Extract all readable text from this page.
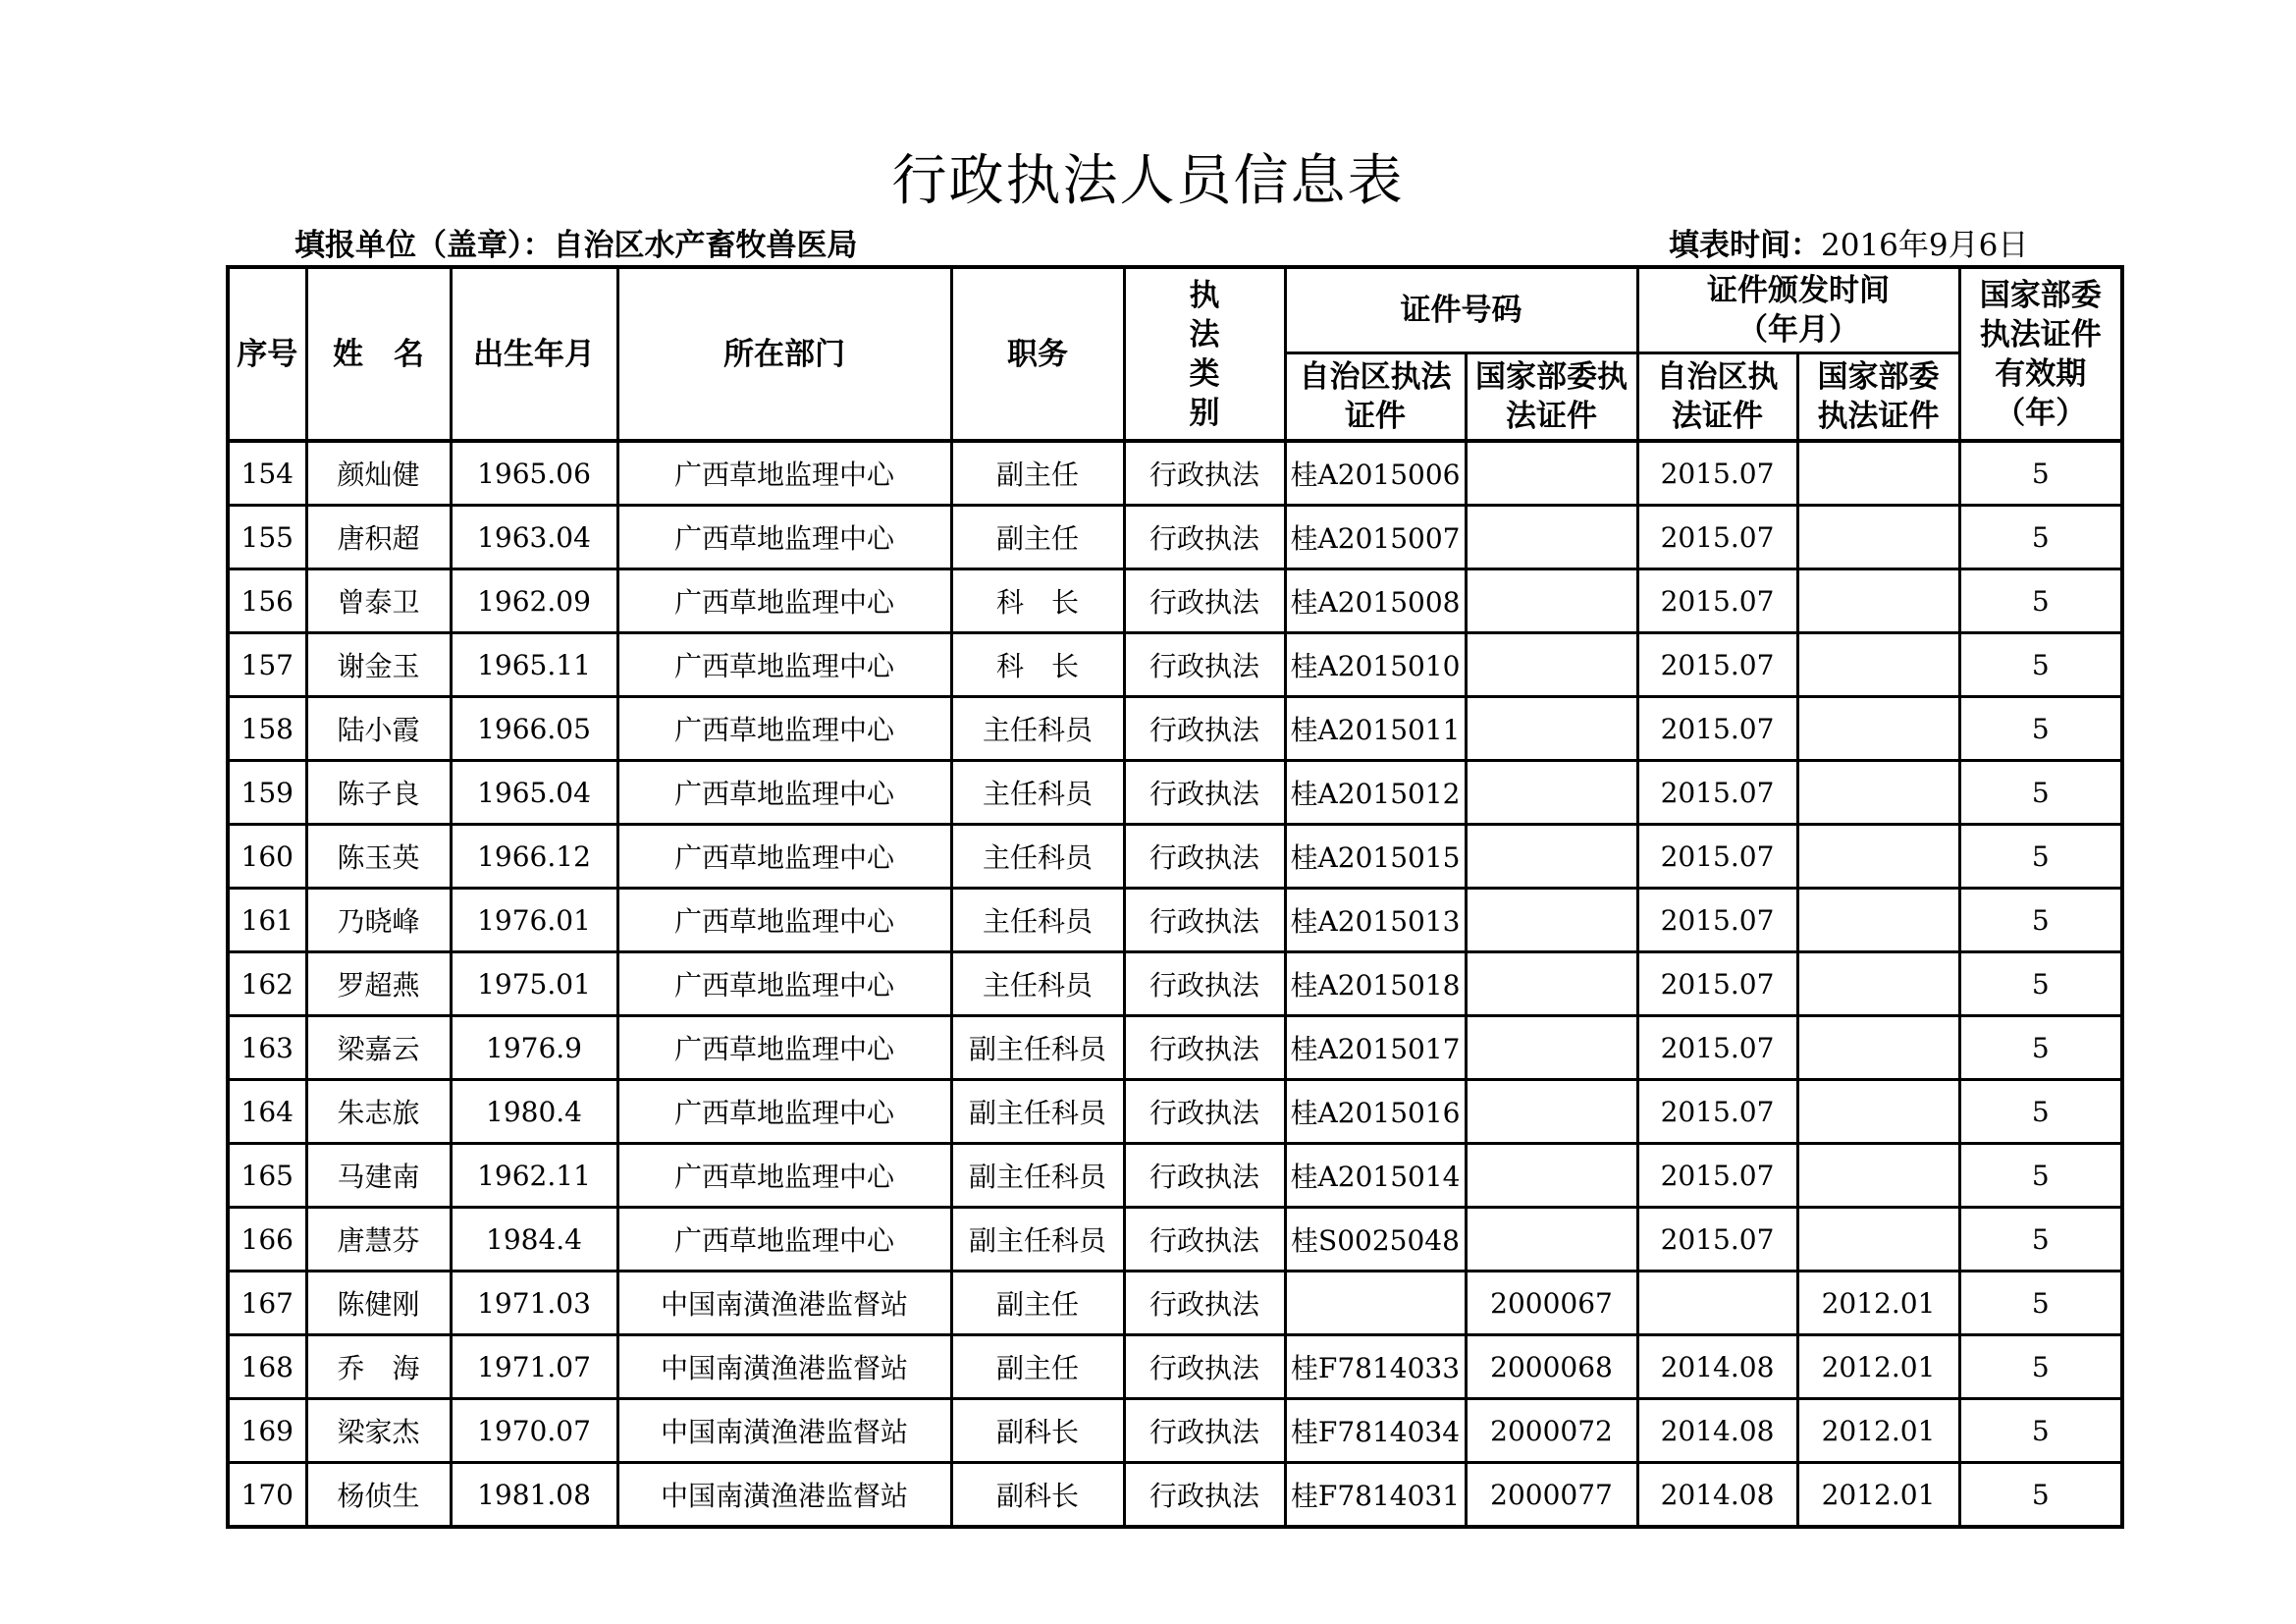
行政执法人员信息表
填报单位（盖章）：自治区水产畜牧兽医局	填表时间：2016年9月6日
序号	姓　名	出生年月	所在部门	职务	执法类别	证件号码		证件颁发时间（年月）		国家部委执法证件有效期（年）
						自治区执法证件	国家部委执法证件	自治区执法证件	国家部委执法证件	
154	颜灿健	1965.06	广西草地监理中心	副主任	行政执法	桂A2015006		2015.07		5
155	唐积超	1963.04	广西草地监理中心	副主任	行政执法	桂A2015007		2015.07		5
156	曾泰卫	1962.09	广西草地监理中心	科　长	行政执法	桂A2015008		2015.07		5
157	谢金玉	1965.11	广西草地监理中心	科　长	行政执法	桂A2015010		2015.07		5
158	陆小霞	1966.05	广西草地监理中心	主任科员	行政执法	桂A2015011		2015.07		5
159	陈子良	1965.04	广西草地监理中心	主任科员	行政执法	桂A2015012		2015.07		5
160	陈玉英	1966.12	广西草地监理中心	主任科员	行政执法	桂A2015015		2015.07		5
161	乃晓峰	1976.01	广西草地监理中心	主任科员	行政执法	桂A2015013		2015.07		5
162	罗超燕	1975.01	广西草地监理中心	主任科员	行政执法	桂A2015018		2015.07		5
163	梁嘉云	1976.9	广西草地监理中心	副主任科员	行政执法	桂A2015017		2015.07		5
164	朱志旅	1980.4	广西草地监理中心	副主任科员	行政执法	桂A2015016		2015.07		5
165	马建南	1962.11	广西草地监理中心	副主任科员	行政执法	桂A2015014		2015.07		5
166	唐慧芬	1984.4	广西草地监理中心	副主任科员	行政执法	桂S0025048		2015.07		5
167	陈健刚	1971.03	中国南潢渔港监督站	副主任	行政执法		2000067		2012.01	5
168	乔　海	1971.07	中国南潢渔港监督站	副主任	行政执法	桂F7814033	2000068	2014.08	2012.01	5
169	梁家杰	1970.07	中国南潢渔港监督站	副科长	行政执法	桂F7814034	2000072	2014.08	2012.01	5
170	杨侦生	1981.08	中国南潢渔港监督站	副科长	行政执法	桂F7814031	2000077	2014.08	2012.01	5
